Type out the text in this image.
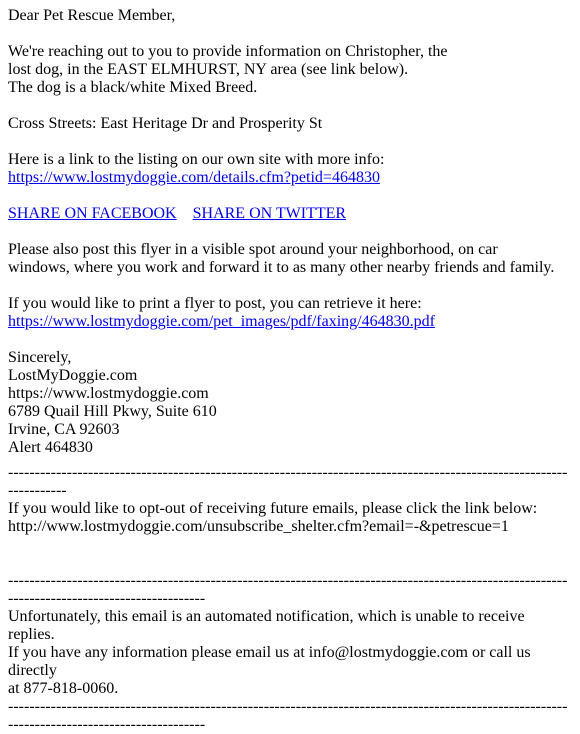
Dear Pet Rescue Member,

We're reaching out to you to provide information on Christopher, the
lost dog, in the EAST ELMHURST, NY area (see link below).
The dog is a black/white Mixed Breed.

Cross Streets: East Heritage Dr and Prosperity St

Here is a link to the listing on our own site with more info:
https://www.lostmydoggie.com/details.cfm?petid=464830

SHARE ON FACEBOOK SHARE ON TWITTER

Please also post this flyer in a visible spot around your neighborhood, on car
windows, where you work and forward it to as many other nearby friends and family.

If you would like to print a flyer to post, you can retrieve it here:
https://www.lostmydoggie.com/pet_images/pdf/faxing/464830.pdf

Sincerely,
LostMyDoggie.com
https://www.lostmydoggie.com
6789 Quail Hill Pkwy, Suite 610
Irvine, CA 92603
Alert 464830

--------------------------------------------------------------------------------------------------------------------
If you would like to opt-out of receiving future emails, please click the link below:
http://www.lostmydoggie.com/unsubscribe_shelter.cfm?email=-&petrescue=1
----------------------------------------------------------------------------------------------------------------------------------------------
Unfortunately, this email is an automated notification, which is unable to receive replies.
If you have any information please email us at info@lostmydoggie.com or call us directly
at 877-818-0060.
----------------------------------------------------------------------------------------------------------------------------------------------
